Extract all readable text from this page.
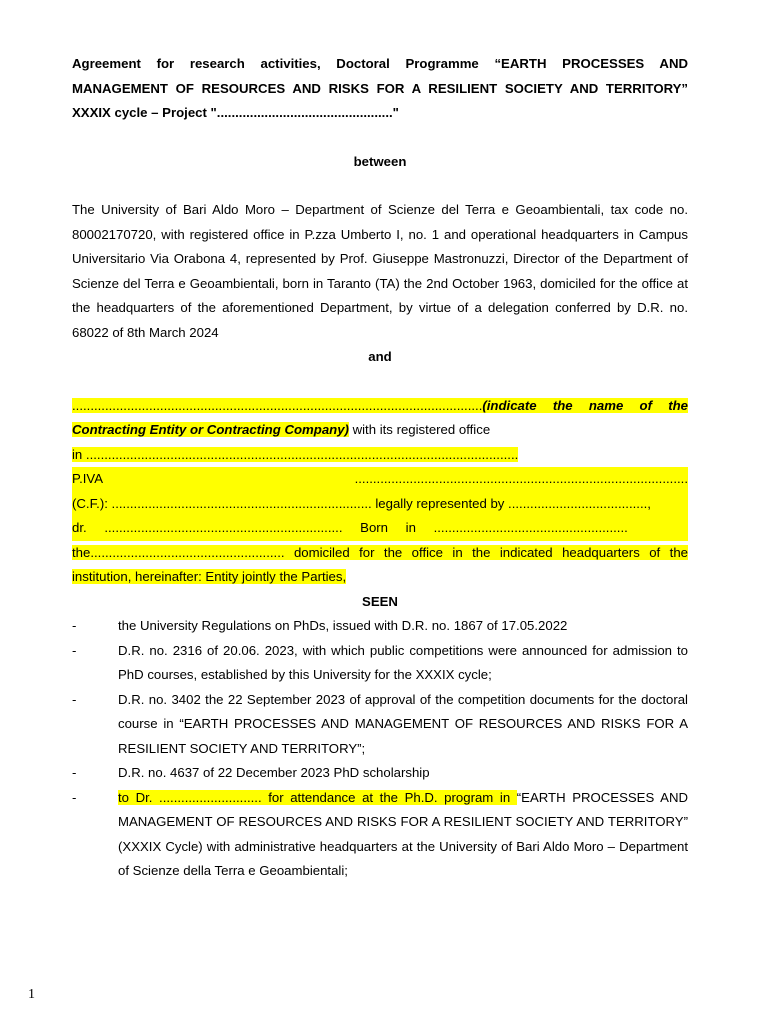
Agreement for research activities, Doctoral Programme “EARTH PROCESSES AND MANAGEMENT OF RESOURCES AND RISKS FOR A RESILIENT SOCIETY AND TERRITORY” XXXIX cycle – Project "................................................"

between

The University of Bari Aldo Moro – Department of Scienze del Terra e Geoambientali, tax code no. 80002170720, with registered office in P.zza Umberto I, no. 1 and operational headquarters in Campus Universitario Via Orabona 4, represented by Prof. Giuseppe Mastronuzzi, Director of the Department of Scienze del Terra e Geoambientali, born in Taranto (TA) the 2nd October 1963, domiciled for the office at the headquarters of the aforementioned Department, by virtue of a delegation conferred by D.R. no. 68022 of 8th March 2024

and

................................................................................................................(indicate the name of the Contracting Entity or Contracting Company) with its registered office

in ......................................................................................................................

P.IVA	...........................................................................................

(C.F.): ....................................................................... legally represented by ......................................,

dr. ................................................................. Born in .....................................................

the..................................................... domiciled for the office in the indicated headquarters of the institution, hereinafter: Entity jointly the Parties,

SEEN

-	the University Regulations on PhDs, issued with D.R. no. 1867 of 17.05.2022
-	D.R. no. 2316 of 20.06. 2023, with which public competitions were announced for admission to PhD courses, established by this University for the XXXIX cycle;
-	D.R. no. 3402 the 22 September 2023 of approval of the competition documents for the doctoral course in “EARTH PROCESSES AND MANAGEMENT OF RESOURCES AND RISKS FOR A RESILIENT SOCIETY AND TERRITORY”;
-	D.R. no. 4637 of 22 December 2023 PhD scholarship
-	to Dr. ............................ for attendance at the Ph.D. program in “EARTH PROCESSES AND MANAGEMENT OF RESOURCES AND RISKS FOR A RESILIENT SOCIETY AND TERRITORY” (XXXIX Cycle) with administrative headquarters at the University of Bari Aldo Moro – Department of Scienze della Terra e Geoambientali;
1
